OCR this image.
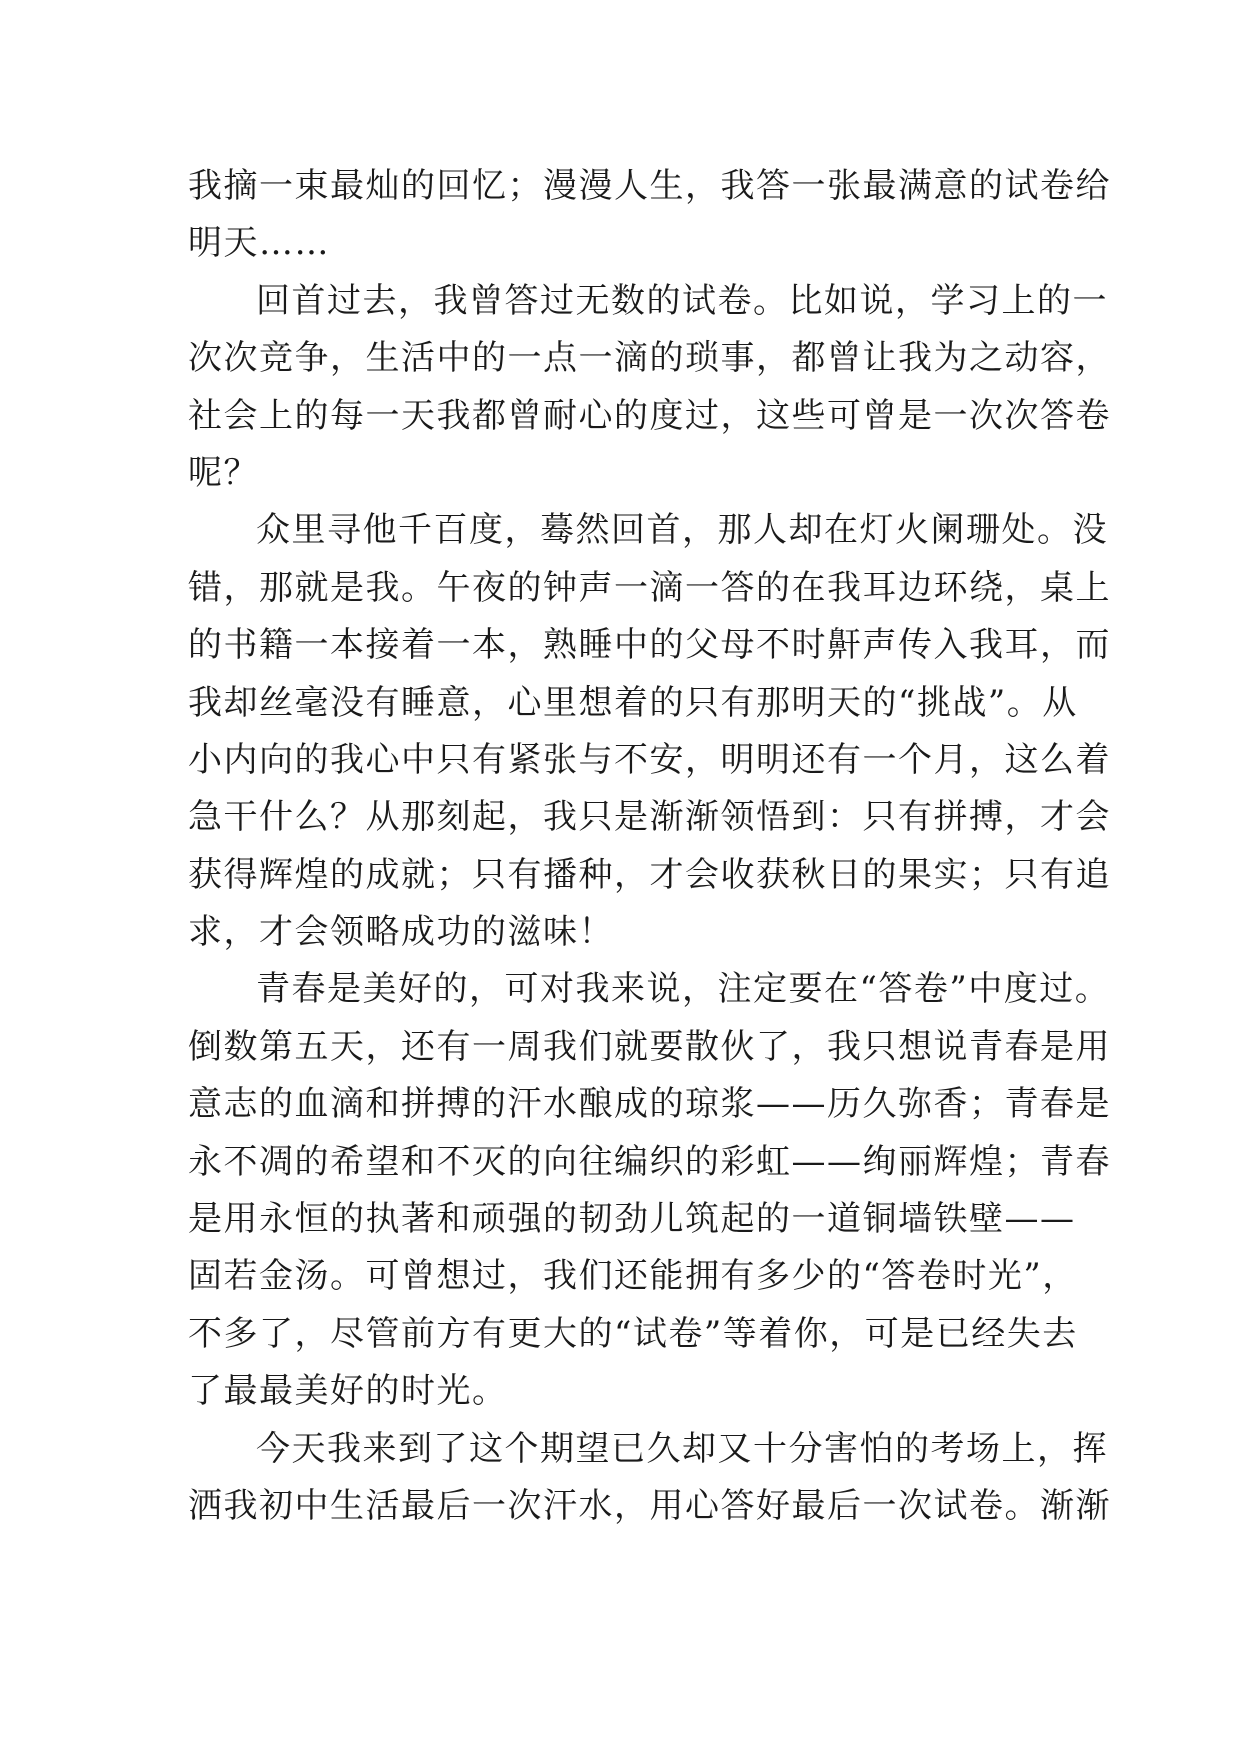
我摘一束最灿的回忆；漫漫人生，我答一张最满意的试卷给
明天……
回首过去，我曾答过无数的试卷。比如说，学习上的一
次次竞争，生活中的一点一滴的琐事，都曾让我为之动容，
社会上的每一天我都曾耐心的度过，这些可曾是一次次答卷
呢？
众里寻他千百度，蓦然回首，那人却在灯火阑珊处。没
错，那就是我。午夜的钟声一滴一答的在我耳边环绕，桌上
的书籍一本接着一本，熟睡中的父母不时鼾声传入我耳，而
我却丝毫没有睡意，心里想着的只有那明天的“挑战”。从
小内向的我心中只有紧张与不安，明明还有一个月，这么着
急干什么？从那刻起，我只是渐渐领悟到：只有拼搏，才会
获得辉煌的成就；只有播种，才会收获秋日的果实；只有追
求，才会领略成功的滋味！
青春是美好的，可对我来说，注定要在“答卷”中度过。
倒数第五天，还有一周我们就要散伙了，我只想说青春是用
意志的血滴和拼搏的汗水酿成的琼浆——历久弥香；青春是
永不凋的希望和不灭的向往编织的彩虹——绚丽辉煌；青春
是用永恒的执著和顽强的韧劲儿筑起的一道铜墙铁壁——
固若金汤。可曾想过，我们还能拥有多少的“答卷时光”，
不多了，尽管前方有更大的“试卷”等着你，可是已经失去
了最最美好的时光。
今天我来到了这个期望已久却又十分害怕的考场上，挥
洒我初中生活最后一次汗水，用心答好最后一次试卷。渐渐
